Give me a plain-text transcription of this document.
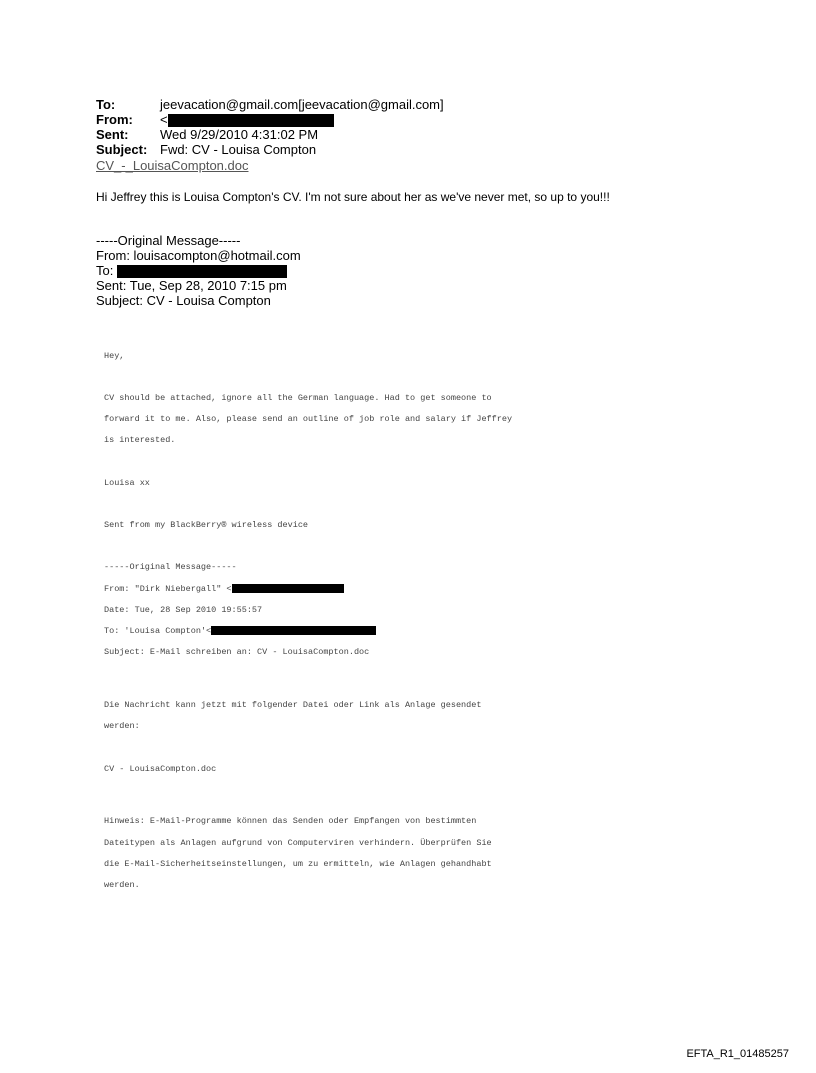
To:	jeevacation@gmail.com[jeevacation@gmail.com]
From: <
Sent: Wed 9/29/2010 4:31:02 PM
Subject: Fwd: CV - Louisa Compton
CV_-_LouisaCompton.doc
Hi Jeffrey this is Louisa Compton's CV. I'm not sure about her as we've never met, so up to you!!!
-----Original Message-----
From: louisacompton@hotmail.com
To:
Sent: Tue, Sep 28, 2010 7:15 pm
Subject: CV - Louisa Compton

Hey,

CV should be attached, ignore all the German language. Had to get someone to

forward it to me. Also, please send an outline of job role and salary if Jeffrey

is interested.

Louisa xx

Sent from my BlackBerry® wireless device

-----Original Message-----

From: "Dirk Niebergall" <

Date: Tue, 28 Sep 2010 19:55:57

To: 'Louisa Compton'<

Subject: E-Mail schreiben an: CV - LouisaCompton.doc

Die Nachricht kann jetzt mit folgender Datei oder Link als Anlage gesendet

werden:

CV - LouisaCompton.doc

Hinweis: E-Mail-Programme können das Senden oder Empfangen von bestimmten

Dateitypen als Anlagen aufgrund von Computerviren verhindern. Überprüfen Sie

die E-Mail-Sicherheitseinstellungen, um zu ermitteln, wie Anlagen gehandhabt

werden.

EFTA_R1_01485257
